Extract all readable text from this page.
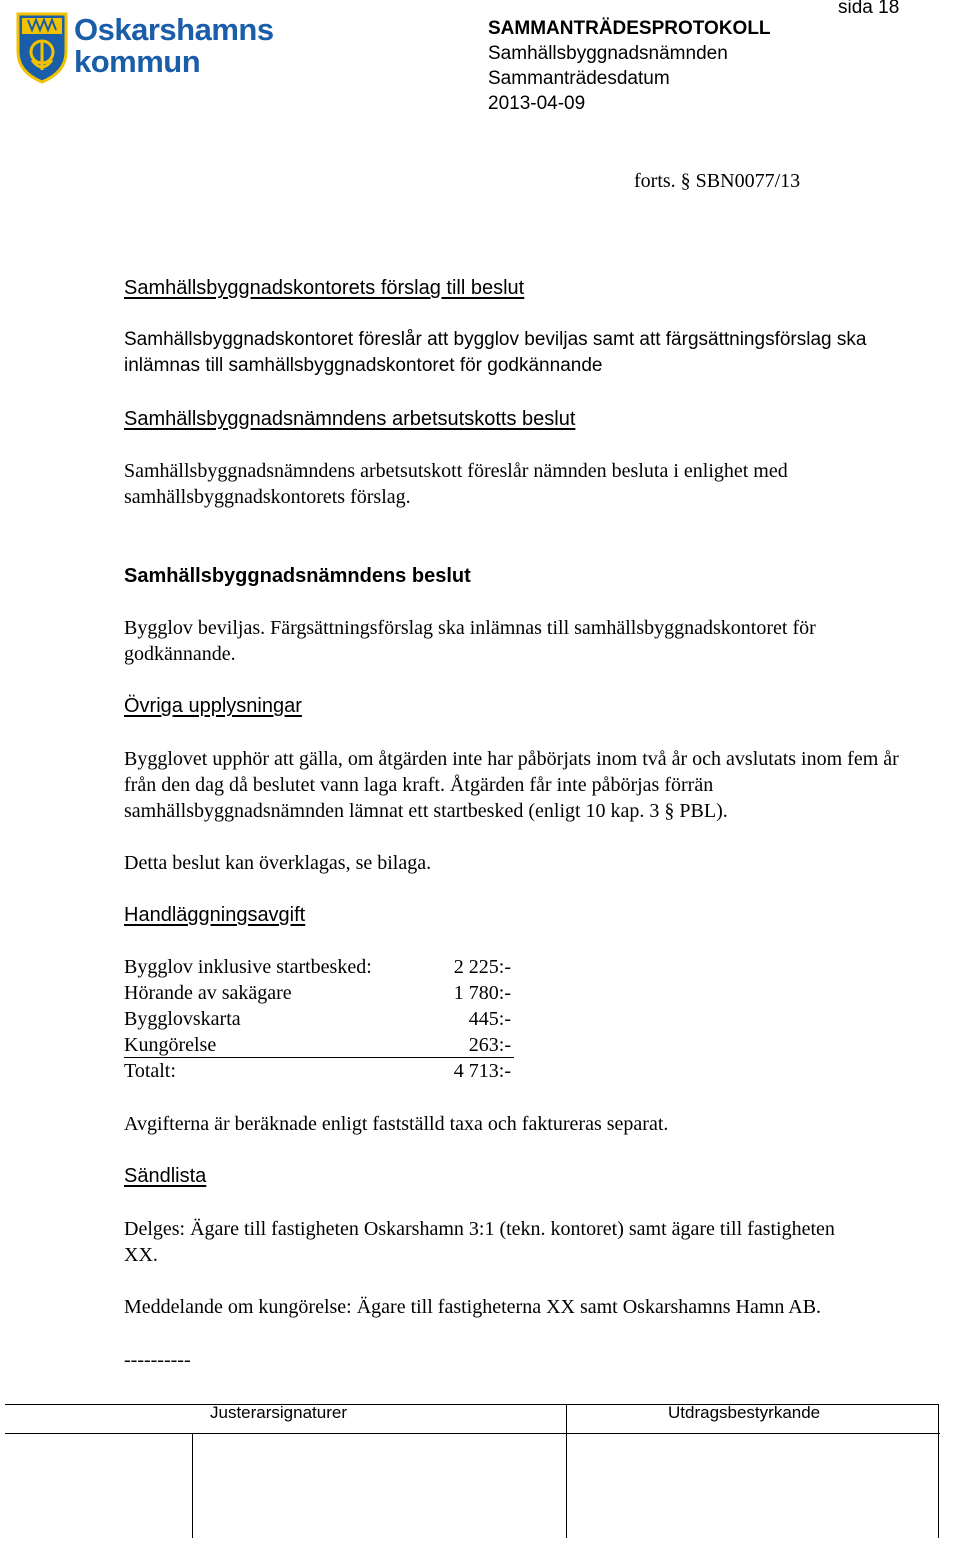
Oskarshamns
kommun
sida 18
SAMMANTRÄDESPROTOKOLL
Samhällsbyggnadsnämnden
Sammanträdesdatum
2013-04-09
forts. § SBN0077/13
Samhällsbyggnadskontorets förslag till beslut
Samhällsbyggnadskontoret föreslår att bygglov beviljas samt att färgsättningsförslag ska inlämnas till samhällsbyggnadskontoret för godkännande
Samhällsbyggnadsnämndens arbetsutskotts beslut
Samhällsbyggnadsnämndens arbetsutskott föreslår nämnden besluta i enlighet med samhällsbyggnadskontorets förslag.
Samhällsbyggnadsnämndens beslut
Bygglov beviljas. Färgsättningsförslag ska inlämnas till samhällsbyggnadskontoret för godkännande.
Övriga upplysningar
Bygglovet upphör att gälla, om åtgärden inte har påbörjats inom två år och avslutats inom fem år från den dag då beslutet vann laga kraft. Åtgärden får inte påbörjas förrän samhällsbyggnadsnämnden lämnat ett startbesked (enligt 10 kap. 3 § PBL).
Detta beslut kan överklagas, se bilaga.
Handläggningsavgift
Bygglov inklusive startbesked:	2 225:-
Hörande av sakägare	1 780:-
Bygglovskarta	445:-
Kungörelse	263:-
Totalt:	4 713:-
Avgifterna är beräknade enligt fastställd taxa och faktureras separat.
Sändlista
Delges: Ägare till fastigheten Oskarshamn 3:1 (tekn. kontoret) samt ägare till fastigheten XX.
Meddelande om kungörelse: Ägare till fastigheterna XX samt Oskarshamns Hamn AB.
----------
Justerarsignaturer	Utdragsbestyrkande
